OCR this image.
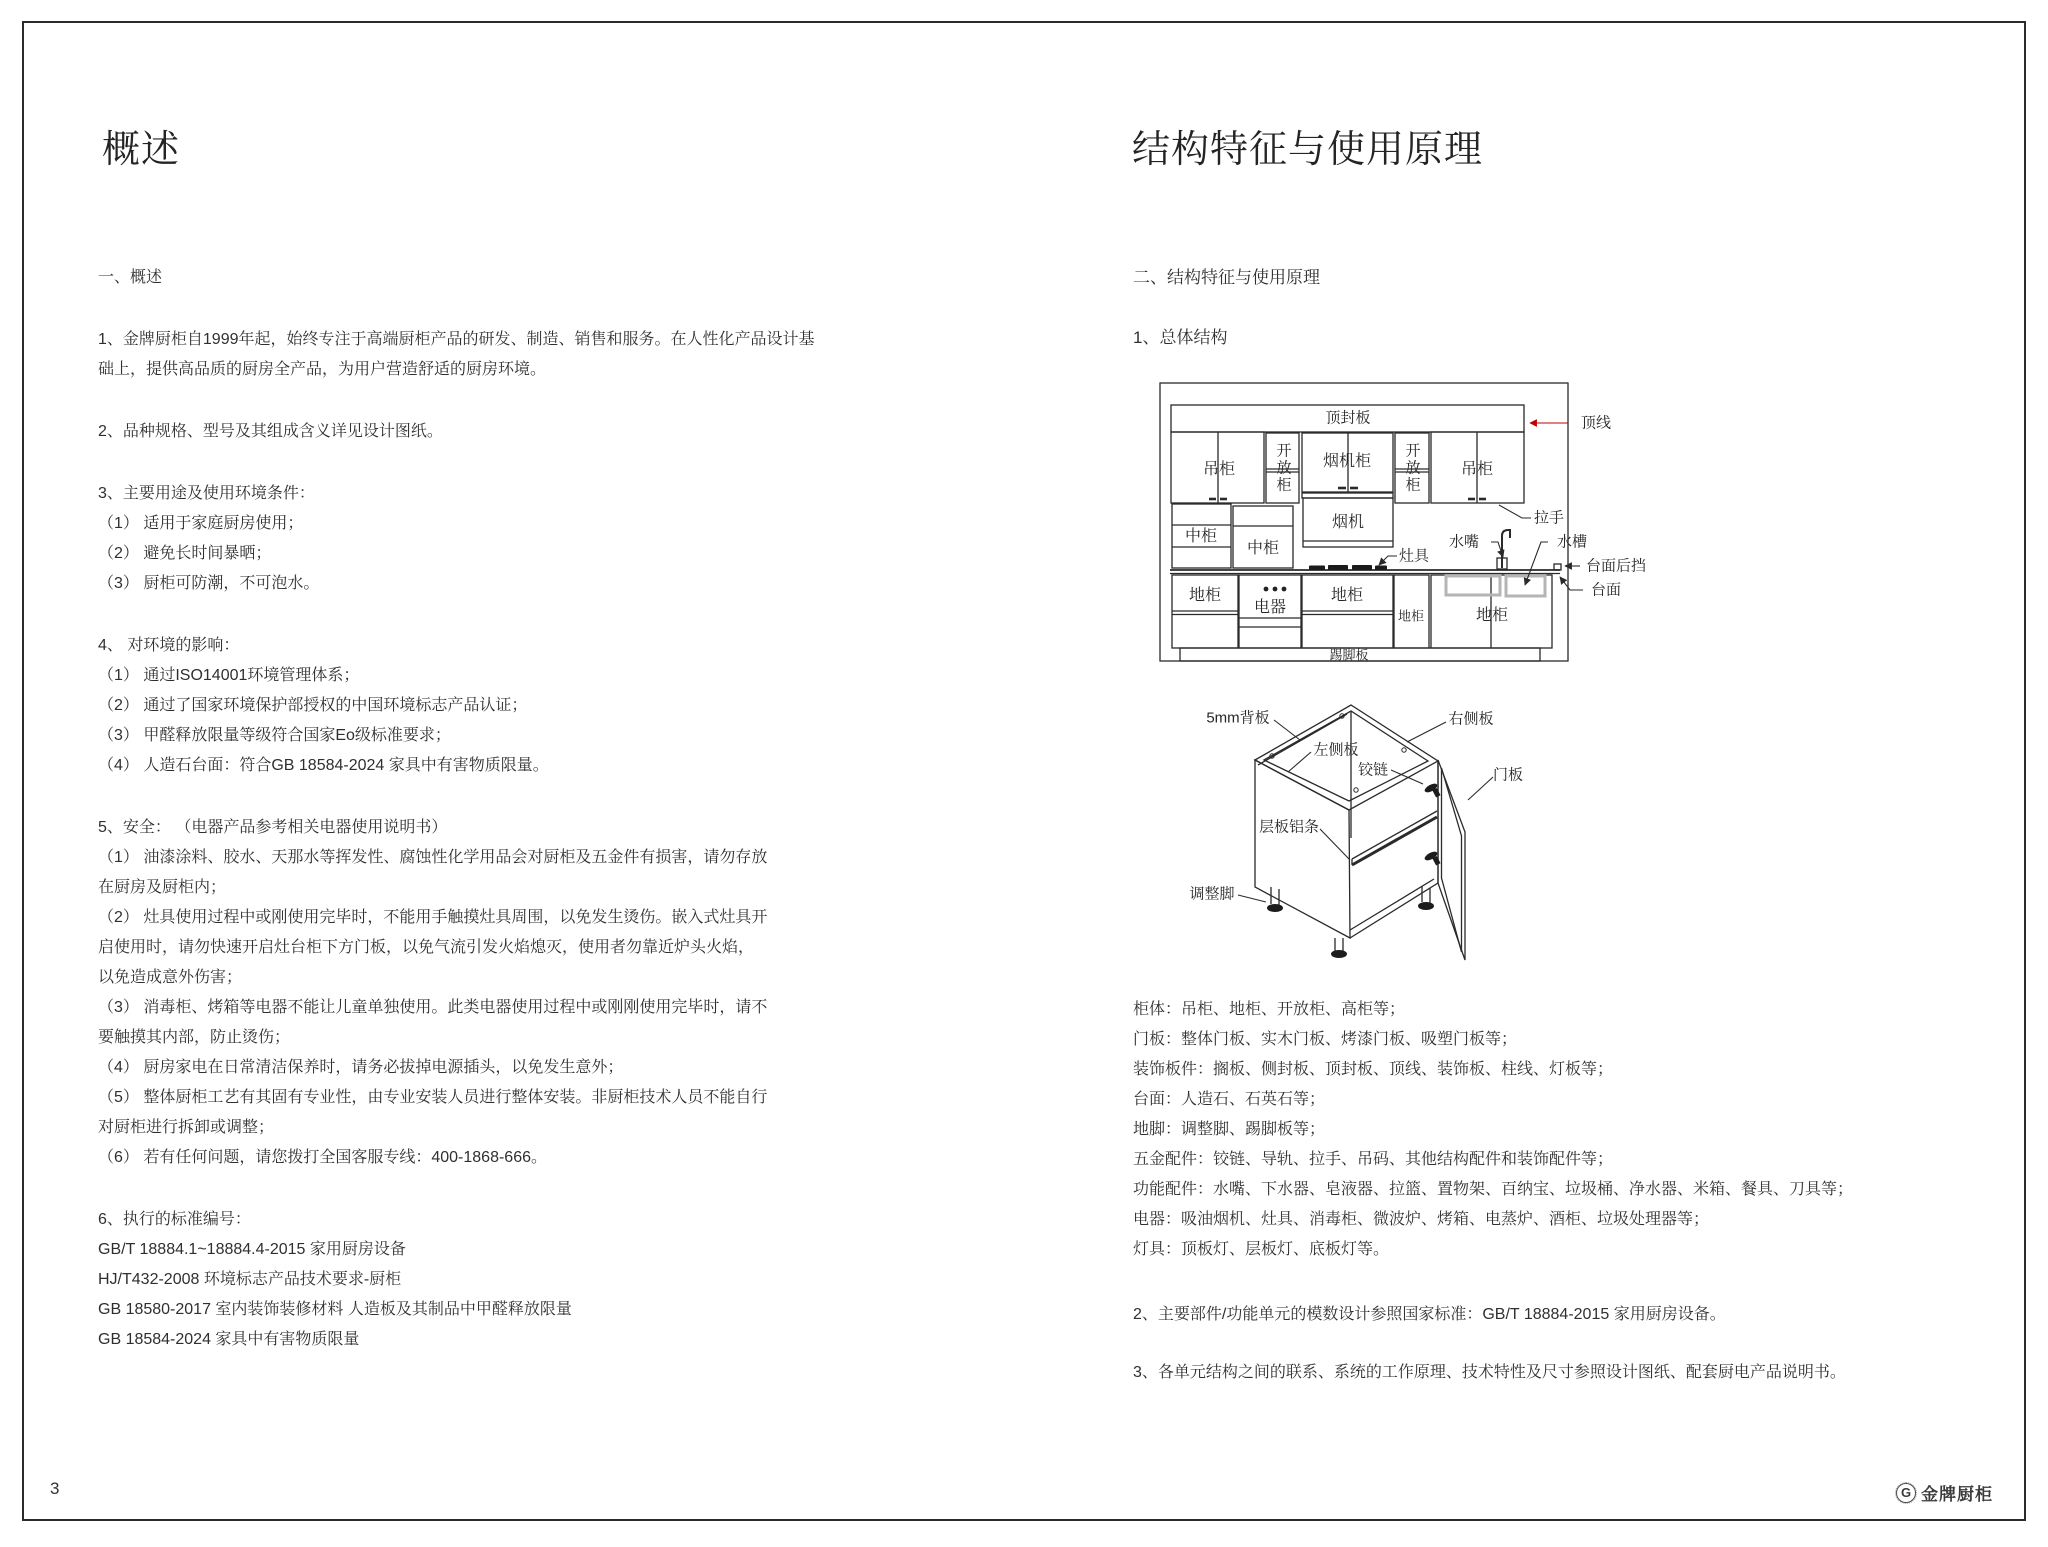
概述
一、概述
1、金牌厨柜自1999年起，始终专注于高端厨柜产品的研发、制造、销售和服务。在人性化产品设计基
础上，提供高品质的厨房全产品，为用户营造舒适的厨房环境。
2、品种规格、型号及其组成含义详见设计图纸。
3、主要用途及使用环境条件：
（1） 适用于家庭厨房使用；
（2） 避免长时间暴晒；
（3） 厨柜可防潮，不可泡水。
4、 对环境的影响：
（1） 通过ISO14001环境管理体系；
（2） 通过了国家环境保护部授权的中国环境标志产品认证；
（3） 甲醛释放限量等级符合国家Eo级标准要求；
（4） 人造石台面：符合GB 18584-2024 家具中有害物质限量。
5、安全： （电器产品参考相关电器使用说明书）
（1） 油漆涂料、胶水、天那水等挥发性、腐蚀性化学用品会对厨柜及五金件有损害，请勿存放
在厨房及厨柜内；
（2） 灶具使用过程中或刚使用完毕时，不能用手触摸灶具周围，以免发生烫伤。嵌入式灶具开
启使用时，请勿快速开启灶台柜下方门板，以免气流引发火焰熄灭，使用者勿靠近炉头火焰，
以免造成意外伤害；
（3） 消毒柜、烤箱等电器不能让儿童单独使用。此类电器使用过程中或刚刚使用完毕时，请不
要触摸其内部，防止烫伤；
（4） 厨房家电在日常清洁保养时，请务必拔掉电源插头，以免发生意外；
（5） 整体厨柜工艺有其固有专业性，由专业安装人员进行整体安装。非厨柜技术人员不能自行
对厨柜进行拆卸或调整；
（6） 若有任何问题，请您拨打全国客服专线：400-1868-666。
6、执行的标准编号：
GB/T 18884.1~18884.4-2015 家用厨房设备
HJ/T432-2008 环境标志产品技术要求-厨柜
GB 18580-2017 室内装饰装修材料 人造板及其制品中甲醛释放限量
GB 18584-2024 家具中有害物质限量
结构特征与使用原理
二、结构特征与使用原理
1、总体结构
顶封板	顶线
吊柜	开放柜 烟机柜 开放柜	吊柜
拉手
中柜
中柜
烟机
灶具
水嘴	水槽
台面后挡
台面
地柜
电器
地柜
地柜	地柜
踢脚板
5mm背板	右侧板
左侧板
铰链	门板
层板铝条
调整脚
柜体：吊柜、地柜、开放柜、高柜等；
门板：整体门板、实木门板、烤漆门板、吸塑门板等；
装饰板件：搁板、侧封板、顶封板、顶线、装饰板、柱线、灯板等；
台面：人造石、石英石等；
地脚：调整脚、踢脚板等；
五金配件：铰链、导轨、拉手、吊码、其他结构配件和装饰配件等；
功能配件：水嘴、下水器、皂液器、拉篮、置物架、百纳宝、垃圾桶、净水器、米箱、餐具、刀具等；
电器：吸油烟机、灶具、消毒柜、微波炉、烤箱、电蒸炉、酒柜、垃圾处理器等；
灯具：顶板灯、层板灯、底板灯等。
2、主要部件/功能单元的模数设计参照国家标准：GB/T 18884-2015 家用厨房设备。
3、各单元结构之间的联系、系统的工作原理、技术特性及尺寸参照设计图纸、配套厨电产品说明书。
3	G 金牌厨柜
